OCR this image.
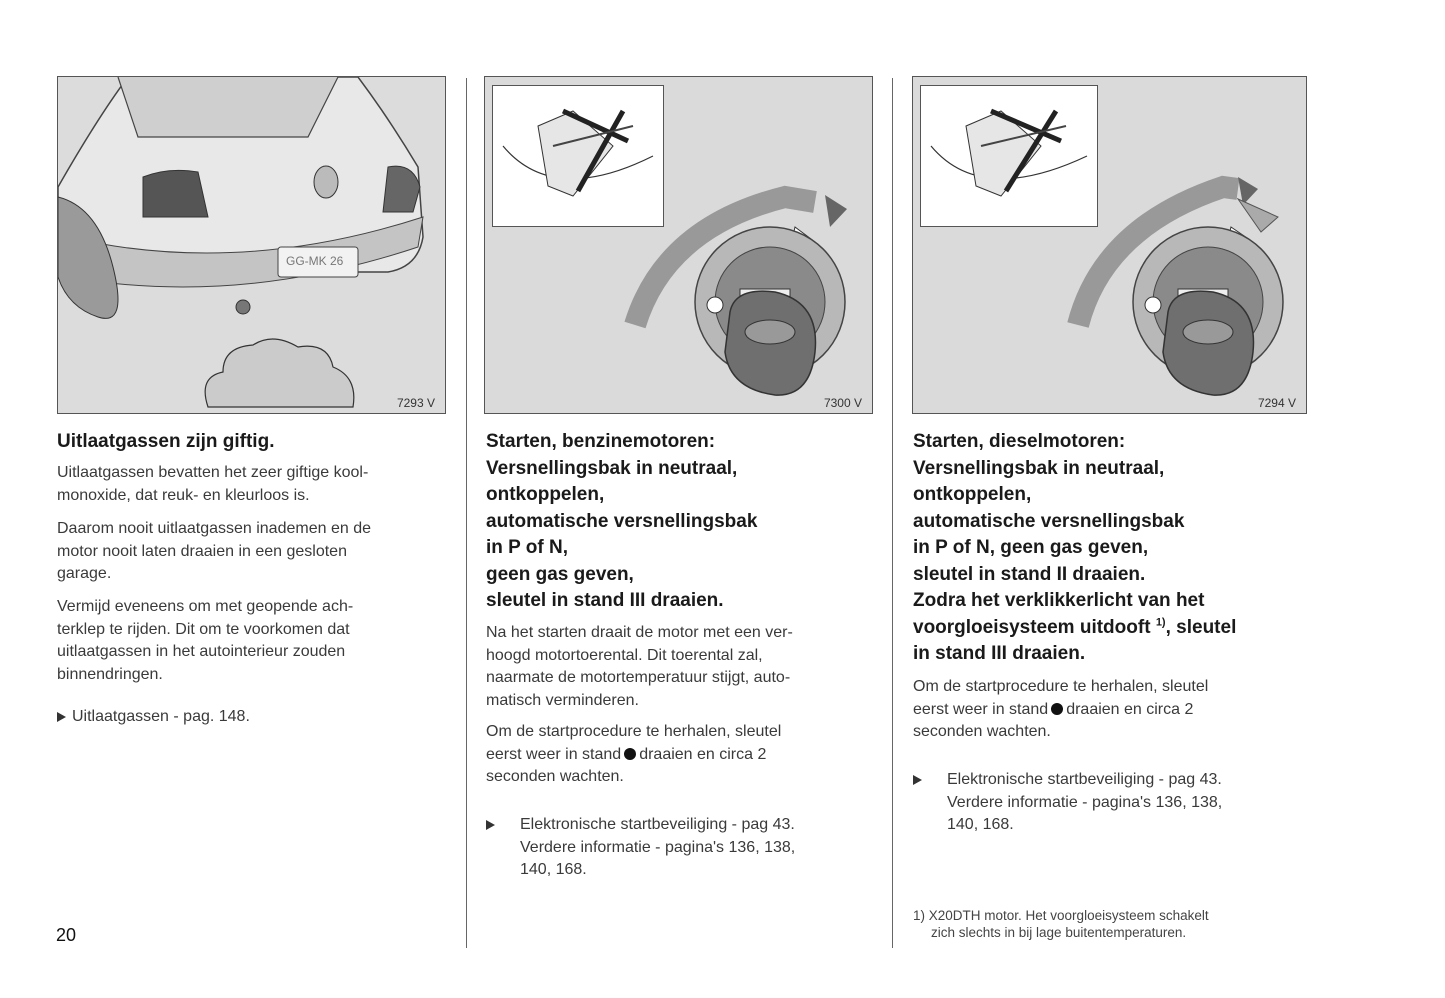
GG-MK 26
7293 V
Uitlaatgassen zijn giftig.

Uitlaatgassen bevatten het zeer giftige kool-

monoxide, dat reuk- en kleurloos is.

Daarom nooit uitlaatgassen inademen en de

motor nooit laten draaien in een gesloten

garage.

Vermijd eveneens om met geopende ach-

terklep te rijden. Dit om te voorkomen dat

uitlaatgassen in het autointerieur zouden

binnendringen.

Uitlaatgassen - pag. 148.
7300 V
Starten, benzinemotoren:
Versnellingsbak in neutraal,
ontkoppelen,
automatische versnellingsbak
in P of N,
geen gas geven,
sleutel in stand III draaien.

Na het starten draait de motor met een ver-

hoogd motortoerental. Dit toerental zal,

naarmate de motortemperatuur stijgt, auto-

matisch verminderen.

Om de startprocedure te herhalen, sleutel

eerst weer in stand draaien en circa 2

seconden wachten.

Elektronische startbeveiliging - pag 43.
Verdere informatie - pagina's 136, 138,
140, 168.
7294 V
Starten, dieselmotoren:
Versnellingsbak in neutraal,
ontkoppelen,
automatische versnellingsbak
in P of N, geen gas geven,
sleutel in stand II draaien.
Zodra het verklikkerlicht van het
voorgloeisysteem uitdooft $^{1)}$, sleutel
in stand III draaien.

Om de startprocedure te herhalen, sleutel

eerst weer in stand draaien en circa 2

seconden wachten.

Elektronische startbeveiliging - pag 43.
Verdere informatie - pagina's 136, 138,
140, 168.
1) X20DTH motor. Het voorgloeisysteem schakelt
zich slechts in bij lage buitentemperaturen.
20
